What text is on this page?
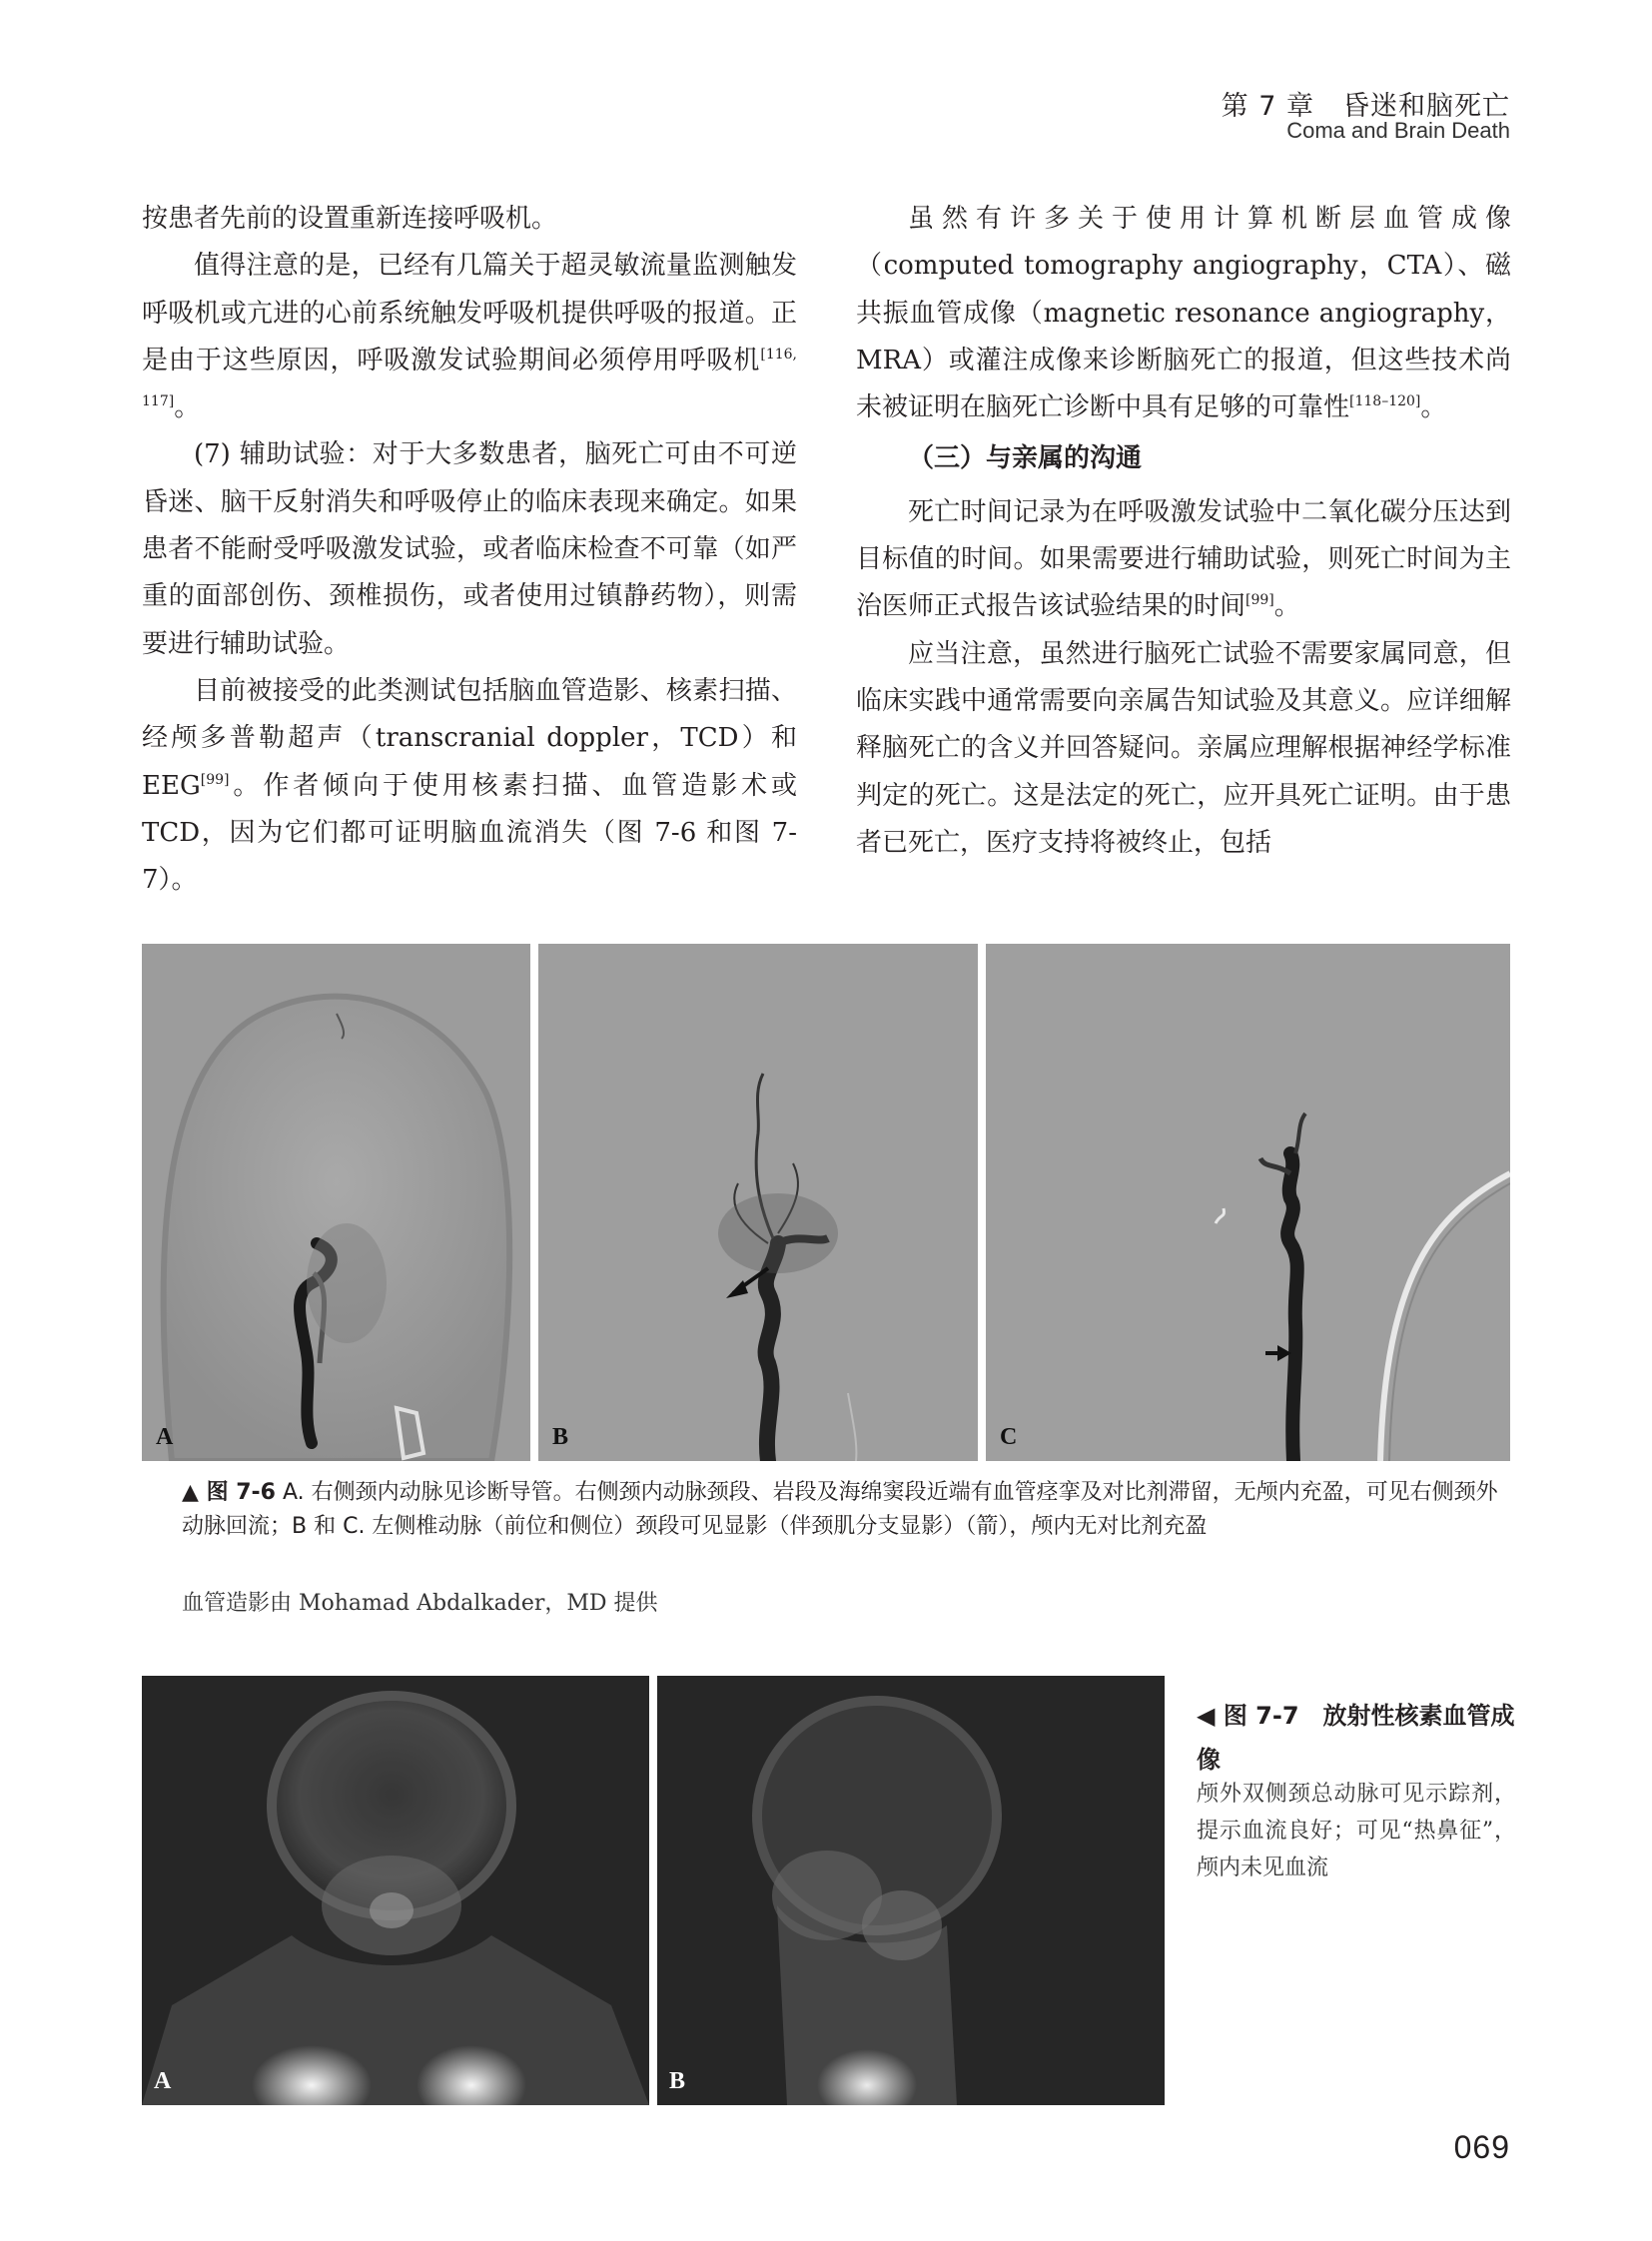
第 7 章　昏迷和脑死亡
Coma and Brain Death

按患者先前的设置重新连接呼吸机。

值得注意的是，已经有几篇关于超灵敏流量监测触发呼吸机或亢进的心前系统触发呼吸机提供呼吸的报道。正是由于这些原因，呼吸激发试验期间必须停用呼吸机[116, 117]。

(7) 辅助试验：对于大多数患者，脑死亡可由不可逆昏迷、脑干反射消失和呼吸停止的临床表现来确定。如果患者不能耐受呼吸激发试验，或者临床检查不可靠（如严重的面部创伤、颈椎损伤，或者使用过镇静药物），则需要进行辅助试验。

目前被接受的此类测试包括脑血管造影、核素扫描、经颅多普勒超声（transcranial doppler，TCD）和 EEG[99]。作者倾向于使用核素扫描、血管造影术或 TCD，因为它们都可证明脑血流消失（图 7-6 和图 7-7）。

虽然有许多关于使用计算机断层血管成像（computed tomography angiography，CTA）、磁共振血管成像（magnetic resonance angiography，MRA）或灌注成像来诊断脑死亡的报道，但这些技术尚未被证明在脑死亡诊断中具有足够的可靠性[118–120]。

（三）与亲属的沟通

死亡时间记录为在呼吸激发试验中二氧化碳分压达到目标值的时间。如果需要进行辅助试验，则死亡时间为主治医师正式报告该试验结果的时间[99]。

应当注意，虽然进行脑死亡试验不需要家属同意，但临床实践中通常需要向亲属告知试验及其意义。应详细解释脑死亡的含义并回答疑问。亲属应理解根据神经学标准判定的死亡。这是法定的死亡，应开具死亡证明。由于患者已死亡，医疗支持将被终止，包括

A	B	C
▲ 图 7-6 A. 右侧颈内动脉见诊断导管。右侧颈内动脉颈段、岩段及海绵窦段近端有血管痉挛及对比剂滞留，无颅内充盈，可见右侧颈外动脉回流；B 和 C. 左侧椎动脉（前位和侧位）颈段可见显影（伴颈肌分支显影）（箭），颅内无对比剂充盈
血管造影由 Mohamad Abdalkader，MD 提供
A	B
◀ 图 7-7　放射性核素血管成像
颅外双侧颈总动脉可见示踪剂，提示血流良好；可见“热鼻征”，颅内未见血流
069
